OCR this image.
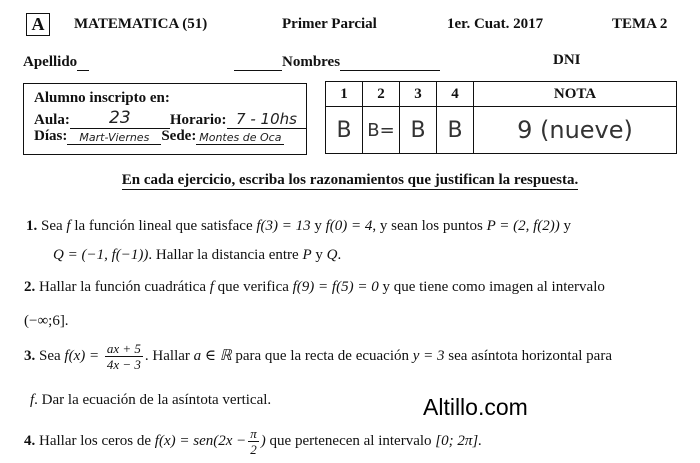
A	MATEMATICA (51)	Primer Parcial	1er. Cuat. 2017	TEMA 2
Apellido	Nombres	DNI
Alumno inscripto en:
Aula: 23	Horario: 7 - 10hs
Días: Mart-Viernes Sede: Montes de Oca
1	2	3	4	NOTA
B	B=	B	B	9 (nueve)
En cada ejercicio, escriba los razonamientos que justifican la respuesta.
1. Sea f la función lineal que satisface f(3) = 13 y f(0) = 4, y sean los puntos P = (2, f(2)) y
Q = (−1, f(−1)). Hallar la distancia entre P y Q.
2. Hallar la función cuadrática f que verifica f(9) = f(5) = 0 y que tiene como imagen al intervalo
(−∞;6].
3. Sea $f(x) = \frac{ax + 5}{4x - 3}$ . Hallar a ∈ ℝ para que la recta de ecuación y = 3 sea asíntota horizontal para
f. Dar la ecuación de la asíntota vertical.	Altillo.com
4. Hallar los ceros de $f(x) = sen(2x - \frac{\pi}{2}$ ) que pertenecen al intervalo [0; 2π].
